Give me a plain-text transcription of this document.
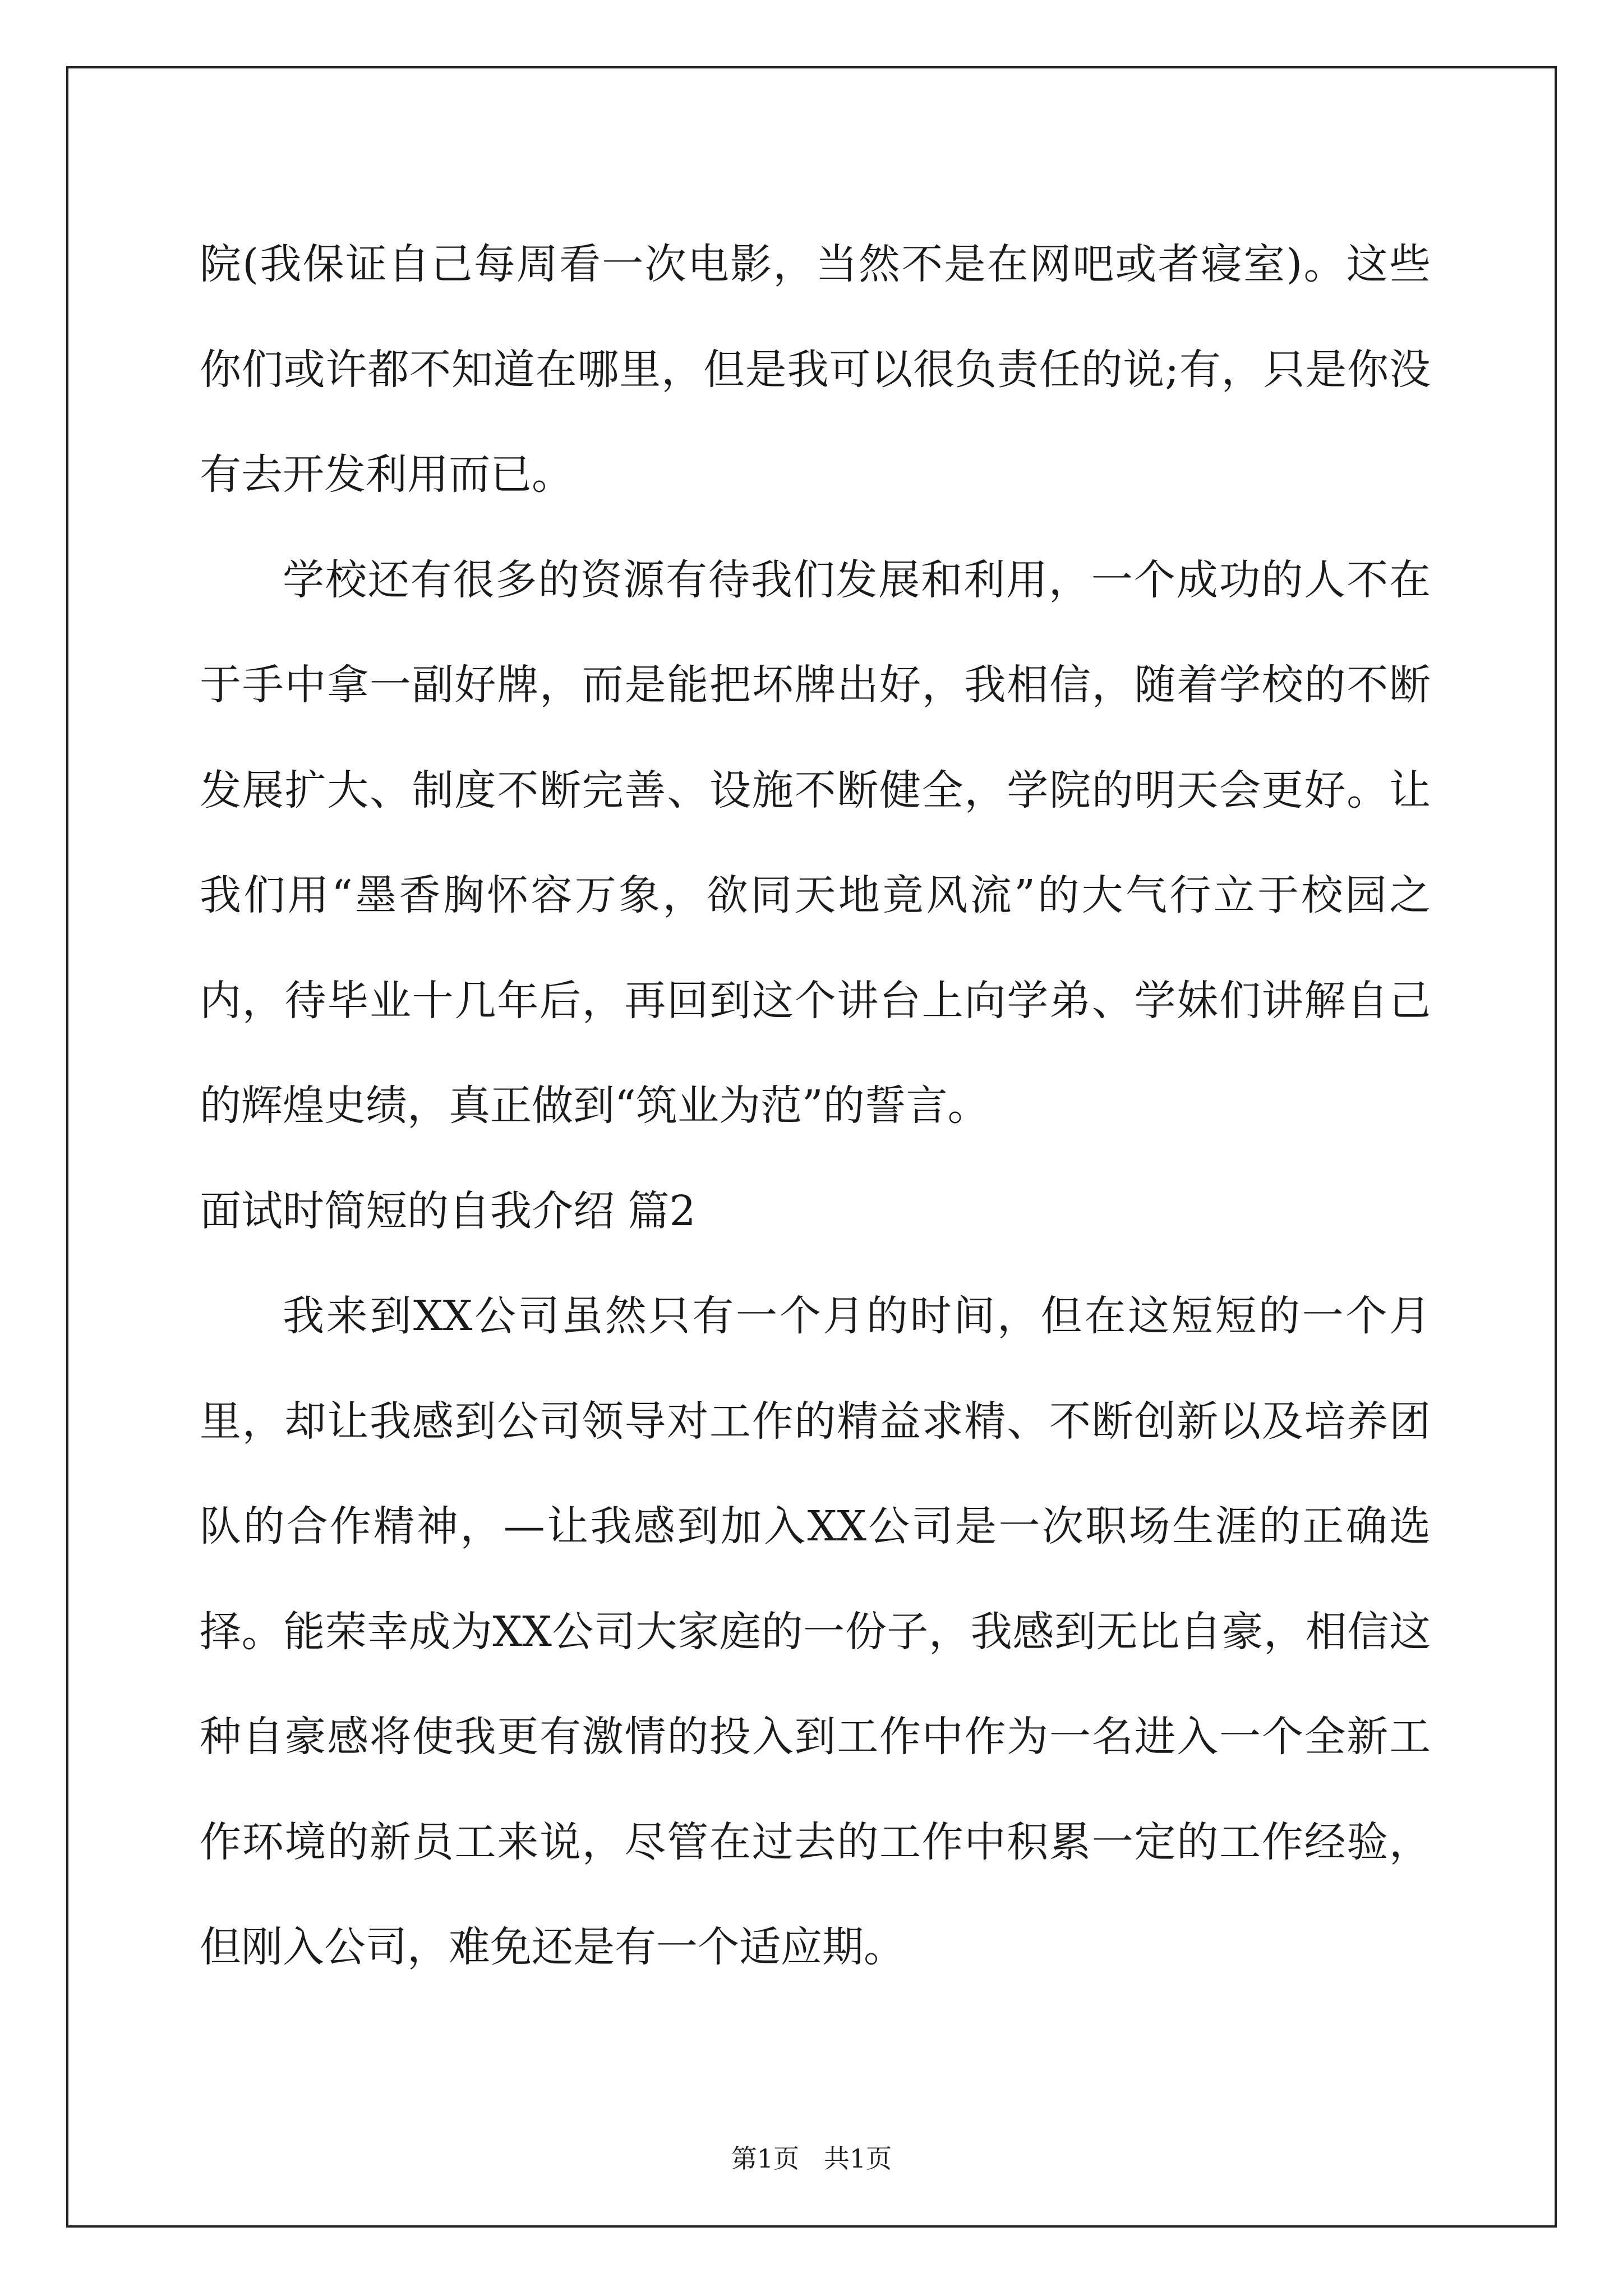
院(我保证自己每周看一次电影，当然不是在网吧或者寝室)。这些你们或许都不知道在哪里，但是我可以很负责任的说;有，只是你没有去开发利用而已。

学校还有很多的资源有待我们发展和利用，一个成功的人不在于手中拿一副好牌，而是能把坏牌出好，我相信，随着学校的不断发展扩大、制度不断完善、设施不断健全，学院的明天会更好。让我们用“墨香胸怀容万象，欲同天地竟风流”的大气行立于校园之内，待毕业十几年后，再回到这个讲台上向学弟、学妹们讲解自己的辉煌史绩，真正做到“筑业为范”的誓言。

面试时简短的自我介绍 篇2

我来到XX公司虽然只有一个月的时间，但在这短短的一个月里，却让我感到公司领导对工作的精益求精、不断创新以及培养团队的合作精神，—让我感到加入XX公司是一次职场生涯的正确选择。能荣幸成为XX公司大家庭的一份子，我感到无比自豪，相信这种自豪感将使我更有激情的投入到工作中作为一名进入一个全新工作环境的新员工来说，尽管在过去的工作中积累一定的工作经验，但刚入公司，难免还是有一个适应期。

第1页   共1页
